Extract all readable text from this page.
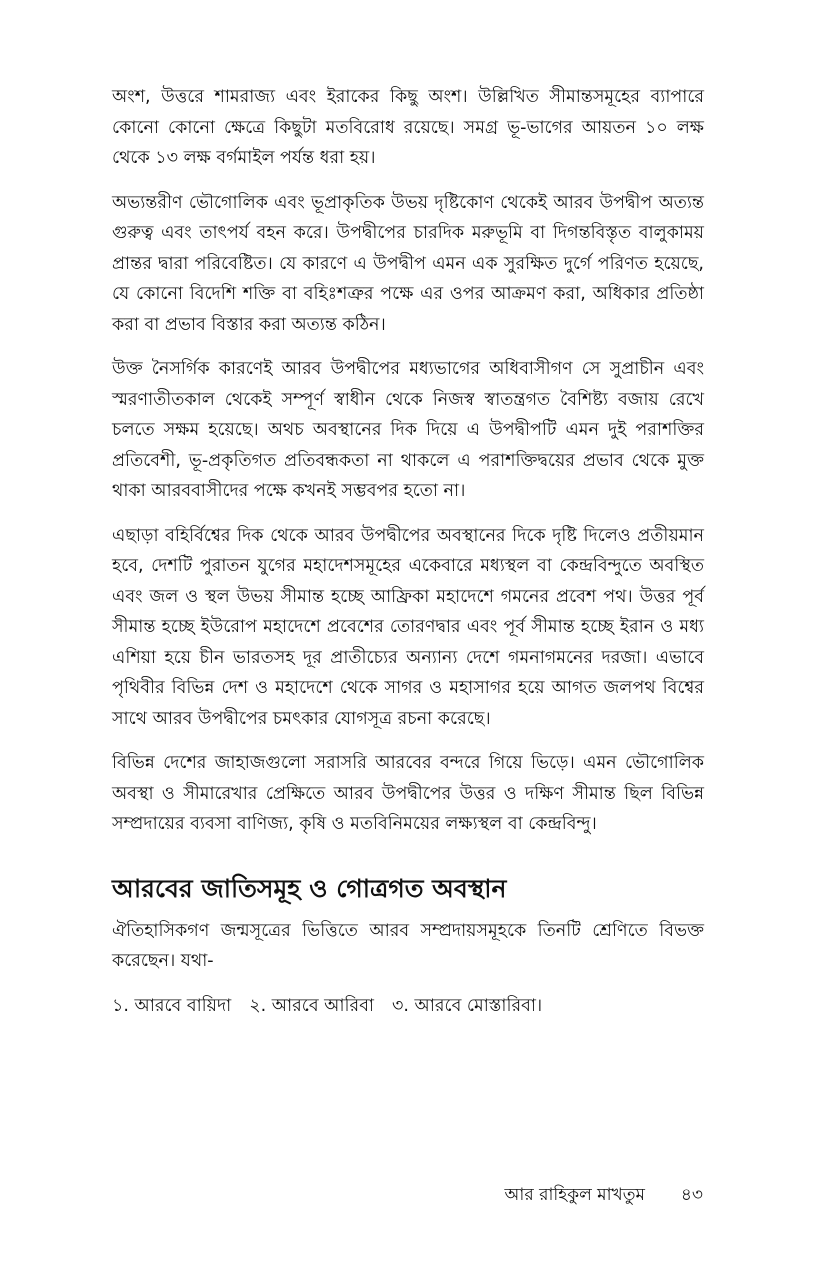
অংশ, উত্তরে শামরাজ্য এবং ইরাকের কিছু অংশ। উল্লিখিত সীমান্তসমূহের ব্যাপারে কোনো কোনো ক্ষেত্রে কিছুটা মতবিরোধ রয়েছে। সমগ্র ভূ-ভাগের আয়তন ১০ লক্ষ থেকে ১৩ লক্ষ বর্গমাইল পর্যন্ত ধরা হয়।

অভ্যন্তরীণ ভৌগোলিক এবং ভূপ্রাকৃতিক উভয় দৃষ্টিকোণ থেকেই আরব উপদ্বীপ অত্যন্ত গুরুত্ব এবং তাৎপর্য বহন করে। উপদ্বীপের চারদিক মরুভূমি বা দিগন্তবিস্তৃত বালুকাময় প্রান্তর দ্বারা পরিবেষ্টিত। যে কারণে এ উপদ্বীপ এমন এক সুরক্ষিত দুর্গে পরিণত হয়েছে, যে কোনো বিদেশি শক্তি বা বহিঃশত্রুর পক্ষে এর ওপর আক্রমণ করা, অধিকার প্রতিষ্ঠা করা বা প্রভাব বিস্তার করা অত্যন্ত কঠিন।

উক্ত নৈসর্গিক কারণেই আরব উপদ্বীপের মধ্যভাগের অধিবাসীগণ সে সুপ্রাচীন এবং স্মরণাতীতকাল থেকেই সম্পূর্ণ স্বাধীন থেকে নিজস্ব স্বাতন্ত্রগত বৈশিষ্ট্য বজায় রেখে চলতে সক্ষম হয়েছে। অথচ অবস্থানের দিক দিয়ে এ উপদ্বীপটি এমন দুই পরাশক্তির প্রতিবেশী, ভূ-প্রকৃতিগত প্রতিবন্ধকতা না থাকলে এ পরাশক্তিদ্বয়ের প্রভাব থেকে মুক্ত থাকা আরববাসীদের পক্ষে কখনই সম্ভবপর হতো না।

এছাড়া বহির্বিশ্বের দিক থেকে আরব উপদ্বীপের অবস্থানের দিকে দৃষ্টি দিলেও প্রতীয়মান হবে, দেশটি পুরাতন যুগের মহাদেশসমূহের একেবারে মধ্যস্থল বা কেন্দ্রবিন্দুতে অবস্থিত এবং জল ও স্থল উভয় সীমান্ত হচ্ছে আফ্রিকা মহাদেশে গমনের প্রবেশ পথ। উত্তর পূর্ব সীমান্ত হচ্ছে ইউরোপ মহাদেশে প্রবেশের তোরণদ্বার এবং পূর্ব সীমান্ত হচ্ছে ইরান ও মধ্য এশিয়া হয়ে চীন ভারতসহ দূর প্রাতীচ্যের অন্যান্য দেশে গমনাগমনের দরজা। এভাবে পৃথিবীর বিভিন্ন দেশ ও মহাদেশে থেকে সাগর ও মহাসাগর হয়ে আগত জলপথ বিশ্বের সাথে আরব উপদ্বীপের চমৎকার যোগসূত্র রচনা করেছে।

বিভিন্ন দেশের জাহাজগুলো সরাসরি আরবের বন্দরে গিয়ে ভিড়ে। এমন ভৌগোলিক অবস্থা ও সীমারেখার প্রেক্ষিতে আরব উপদ্বীপের উত্তর ও দক্ষিণ সীমান্ত ছিল বিভিন্ন সম্প্রদায়ের ব্যবসা বাণিজ্য, কৃষি ও মতবিনিময়ের লক্ষ্যস্থল বা কেন্দ্রবিন্দু।

আরবের জাতিসমূহ ও গোত্রগত অবস্থান

ঐতিহাসিকগণ জন্মসূত্রের ভিত্তিতে আরব সম্প্রদায়সমূহকে তিনটি শ্রেণিতে বিভক্ত করেছেন। যথা-

১. আরবে বায়িদা ২. আরবে আরিবা ৩. আরবে মোস্তারিবা।
আর রাহিকুল মাখতুম ৪৩
